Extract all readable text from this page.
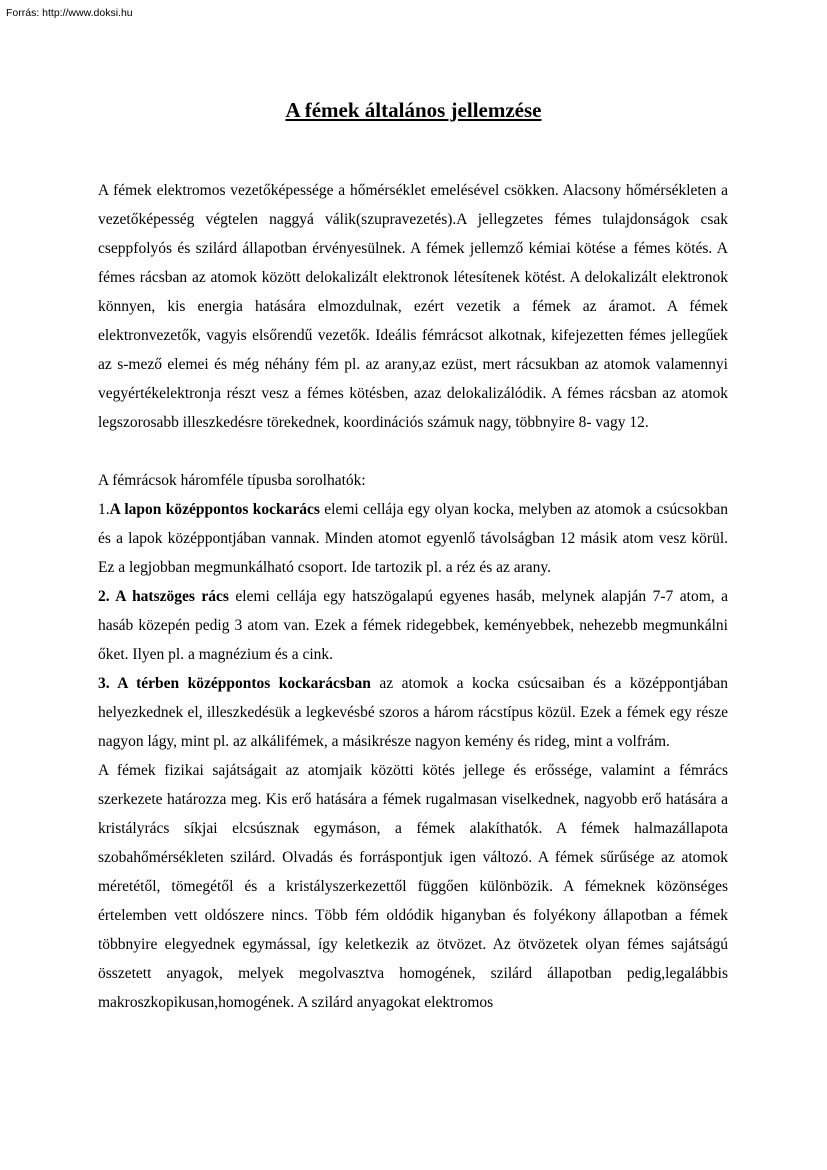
Forrás: http://www.doksi.hu
A fémek általános jellemzése

A fémek elektromos vezetőképessége a hőmérséklet emelésével csökken. Alacsony hőmérsékleten a vezetőképesség végtelen naggyá válik(szupravezetés).A jellegzetes fémes tulajdonságok csak cseppfolyós és szilárd állapotban érvényesülnek. A fémek jellemző kémiai kötése a fémes kötés. A fémes rácsban az atomok között delokalizált elektronok létesítenek kötést. A delokalizált elektronok könnyen, kis energia hatására elmozdulnak, ezért vezetik a fémek az áramot. A fémek elektronvezetők, vagyis elsőrendű vezetők. Ideális fémrácsot alkotnak, kifejezetten fémes jellegűek az s-mező elemei és még néhány fém pl. az arany,az ezüst, mert rácsukban az atomok valamennyi vegyértékelektronja részt vesz a fémes kötésben, azaz delokalizálódik. A fémes rácsban az atomok legszorosabb illeszkedésre törekednek, koordinációs számuk nagy, többnyire 8- vagy 12.

A fémrácsok háromféle típusba sorolhatók:

1.A lapon középpontos kockarács elemi cellája egy olyan kocka, melyben az atomok a csúcsokban és a lapok középpontjában vannak. Minden atomot egyenlő távolságban 12 másik atom vesz körül. Ez a legjobban megmunkálható csoport. Ide tartozik pl. a réz és az arany.

2. A hatszöges rács elemi cellája egy hatszögalapú egyenes hasáb, melynek alapján 7-7 atom, a hasáb közepén pedig 3 atom van. Ezek a fémek ridegebbek, keményebbek, nehezebb megmunkálni őket. Ilyen pl. a magnézium és a cink.

3. A térben középpontos kockarácsban az atomok a kocka csúcsaiban és a középpontjában helyezkednek el, illeszkedésük a legkevésbé szoros a három rácstípus közül. Ezek a fémek egy része nagyon lágy, mint pl. az alkálifémek, a másikrésze nagyon kemény és rideg, mint a volfrám.

A fémek fizikai sajátságait az atomjaik közötti kötés jellege és erőssége, valamint a fémrács szerkezete határozza meg. Kis erő hatására a fémek rugalmasan viselkednek, nagyobb erő hatására a kristályrács síkjai elcsúsznak egymáson, a fémek alakíthatók. A fémek halmazállapota szobahőmérsékleten szilárd. Olvadás és forráspontjuk igen változó. A fémek sűrűsége az atomok méretétől, tömegétől és a kristályszerkezettől függően különbözik. A fémeknek közönséges értelemben vett oldószere nincs. Több fém oldódik higanyban és folyékony állapotban a fémek többnyire elegyednek egymással, így keletkezik az ötvözet. Az ötvözetek olyan fémes sajátságú összetett anyagok, melyek megolvasztva homogének, szilárd állapotban pedig,legalábbis makroszkopikusan,homogének. A szilárd anyagokat elektromos
